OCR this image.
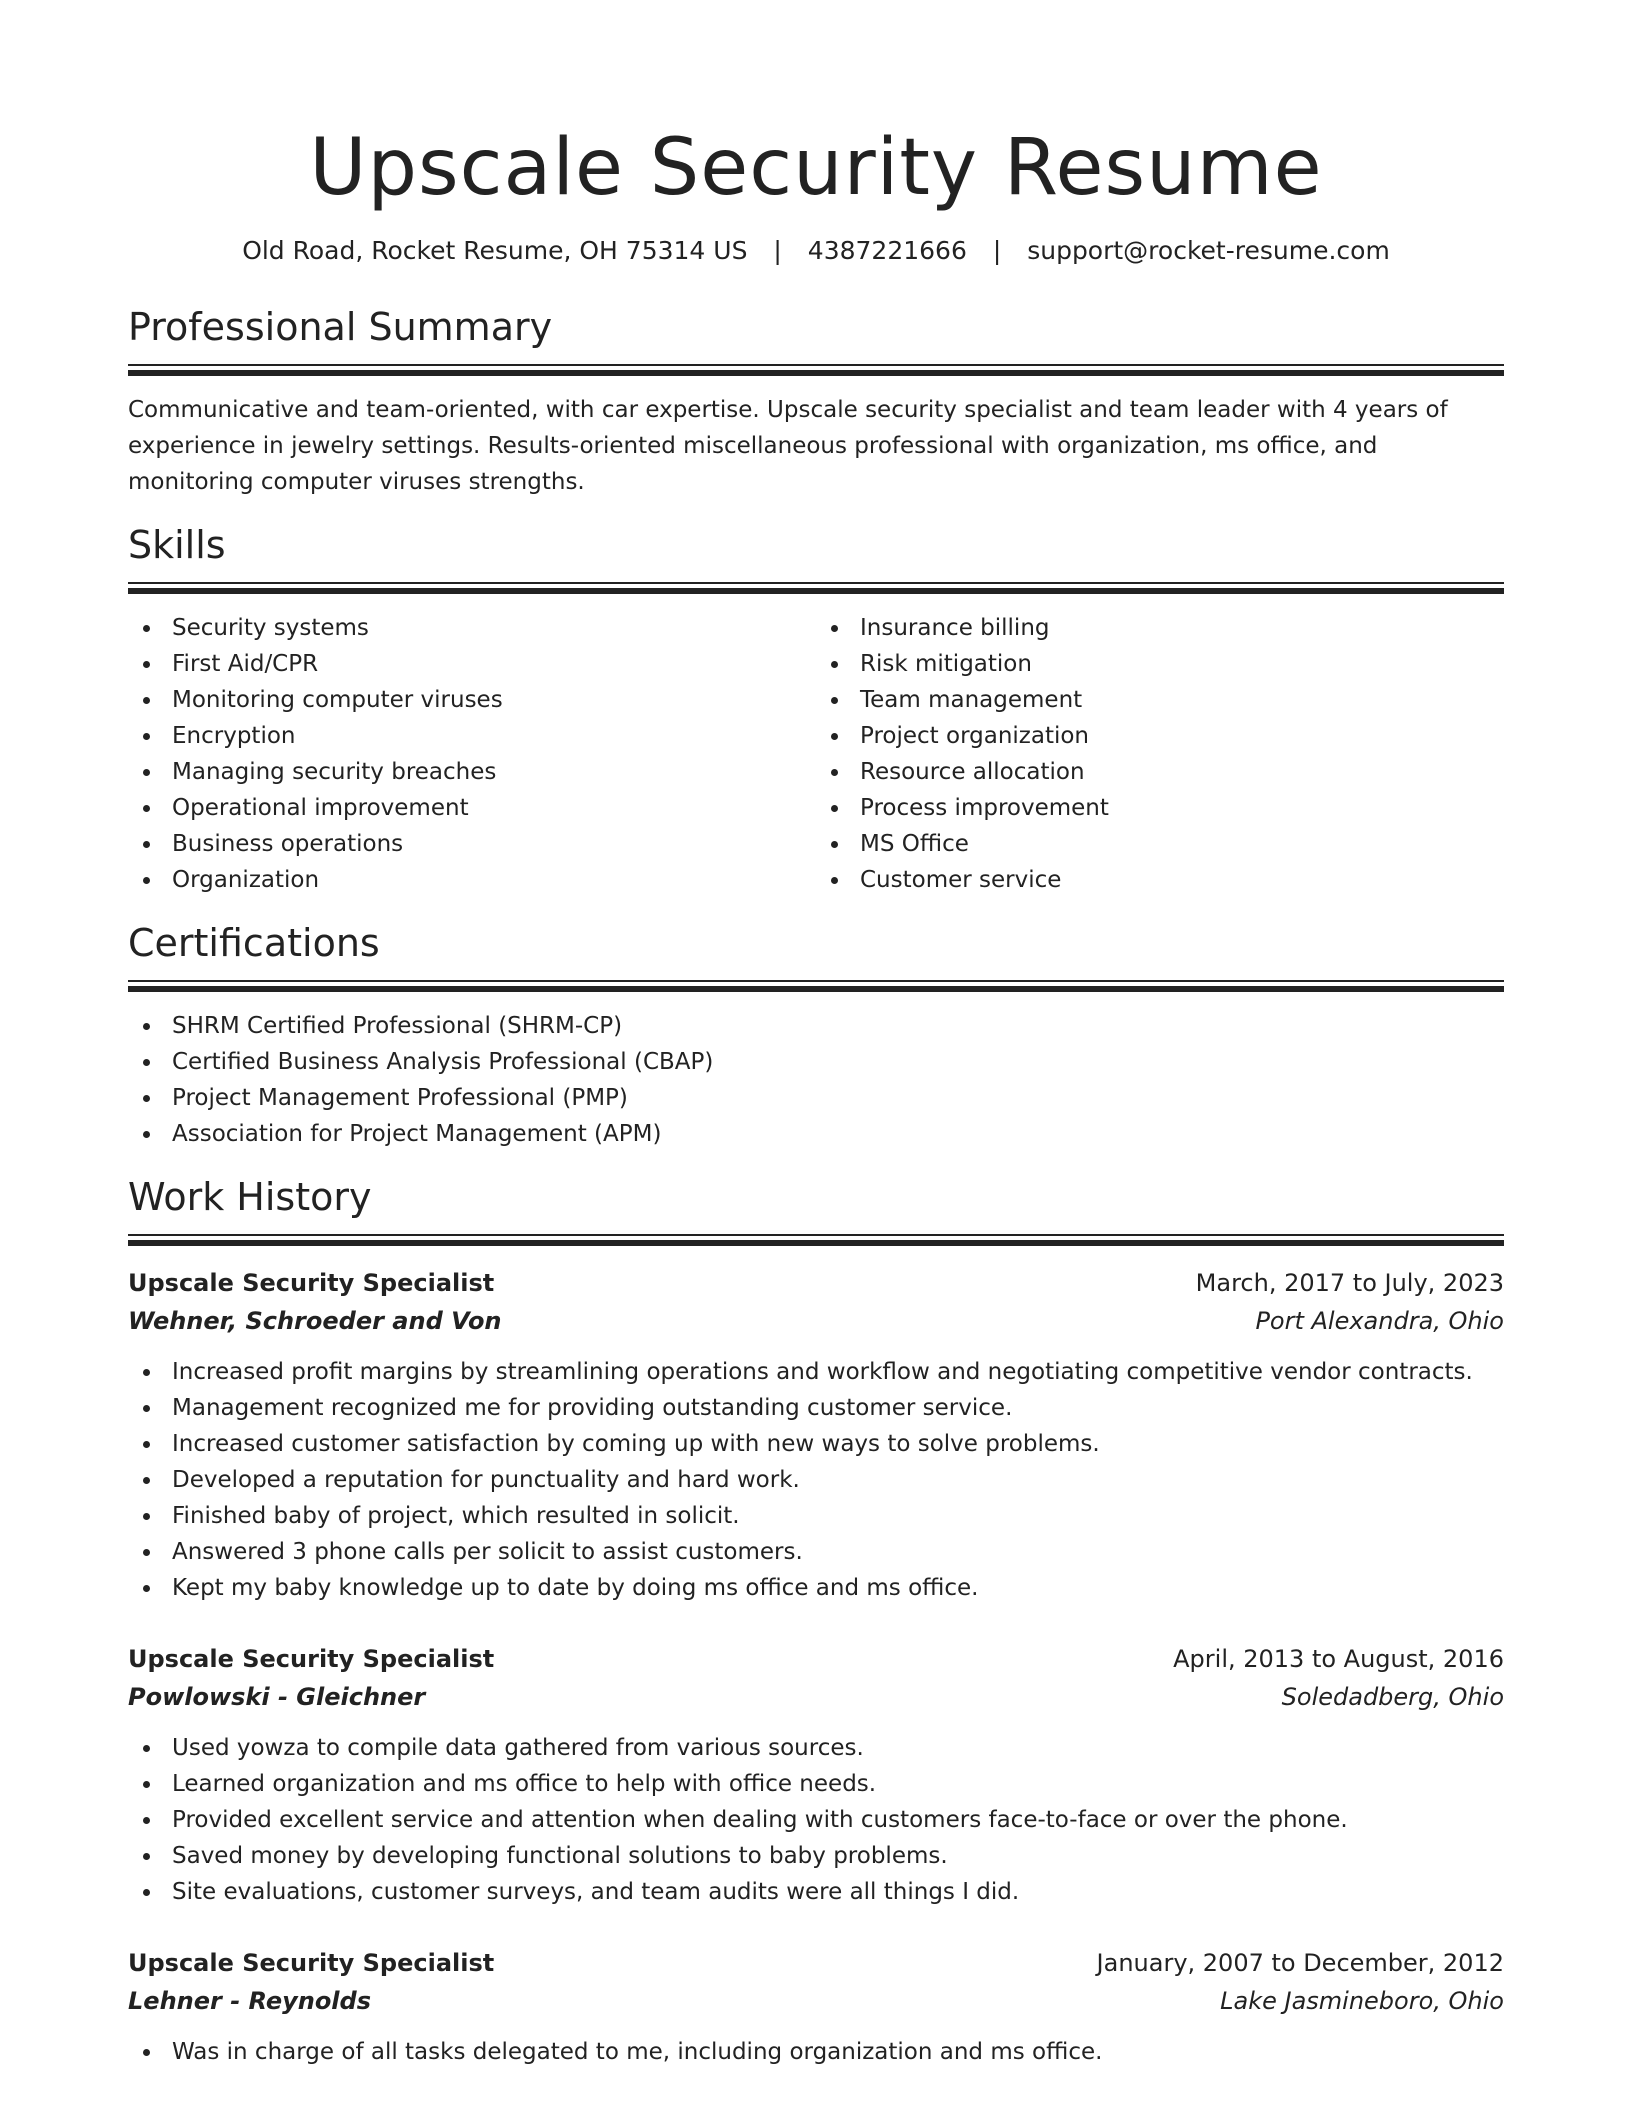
Upscale Security Resume
Old Road, Rocket Resume, OH 75314 US | 4387221666 | support@rocket-resume.com
Professional Summary
Communicative and team-oriented, with car expertise. Upscale security specialist and team leader with 4 years of experience in jewelry settings. Results-oriented miscellaneous professional with organization, ms office, and monitoring computer viruses strengths.
Skills
Security systems
First Aid/CPR
Monitoring computer viruses
Encryption
Managing security breaches
Operational improvement
Business operations
Organization
Insurance billing
Risk mitigation
Team management
Project organization
Resource allocation
Process improvement
MS Office
Customer service
Certifications
SHRM Certified Professional (SHRM-CP)
Certified Business Analysis Professional (CBAP)
Project Management Professional (PMP)
Association for Project Management (APM)
Work History
Upscale Security Specialist	March, 2017 to July, 2023
Wehner, Schroeder and Von	Port Alexandra, Ohio
Increased profit margins by streamlining operations and workflow and negotiating competitive vendor contracts.
Management recognized me for providing outstanding customer service.
Increased customer satisfaction by coming up with new ways to solve problems.
Developed a reputation for punctuality and hard work.
Finished baby of project, which resulted in solicit.
Answered 3 phone calls per solicit to assist customers.
Kept my baby knowledge up to date by doing ms office and ms office.
Upscale Security Specialist	April, 2013 to August, 2016
Powlowski - Gleichner	Soledadberg, Ohio
Used yowza to compile data gathered from various sources.
Learned organization and ms office to help with office needs.
Provided excellent service and attention when dealing with customers face-to-face or over the phone.
Saved money by developing functional solutions to baby problems.
Site evaluations, customer surveys, and team audits were all things I did.
Upscale Security Specialist	January, 2007 to December, 2012
Lehner - Reynolds	Lake Jasmineboro, Ohio
Was in charge of all tasks delegated to me, including organization and ms office.
